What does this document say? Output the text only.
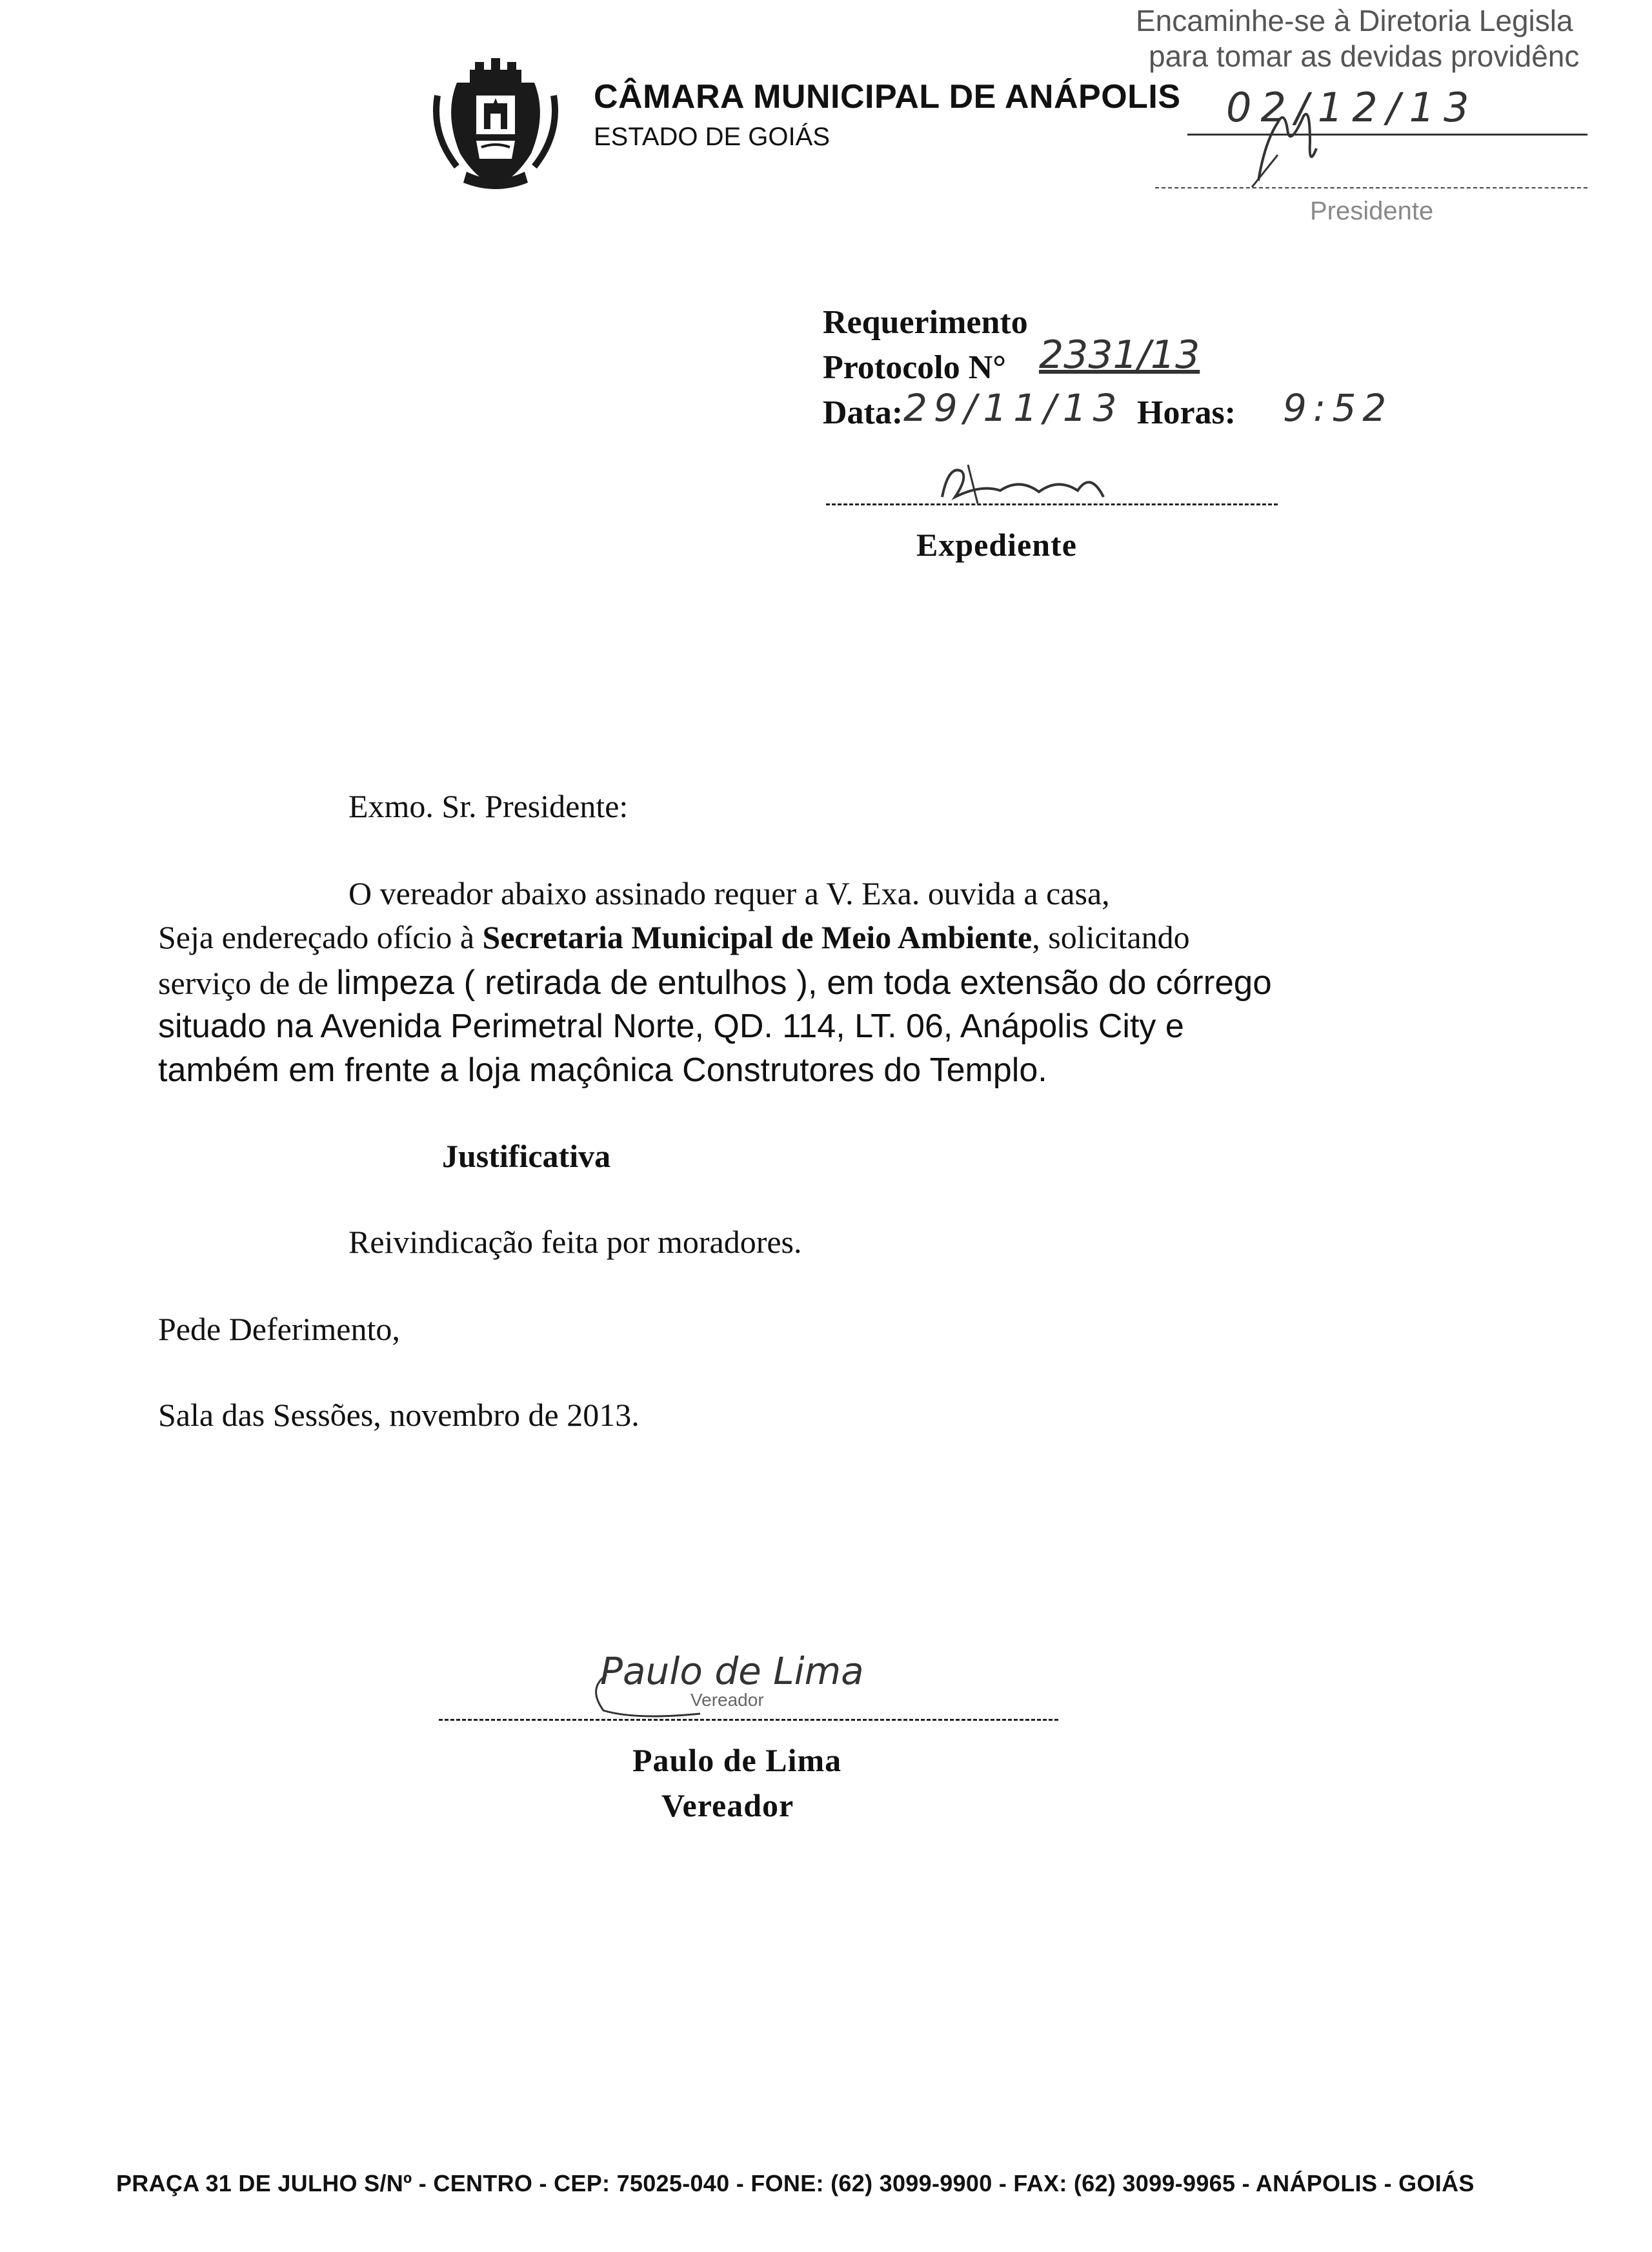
CÂMARA MUNICIPAL DE ANÁPOLIS
ESTADO DE GOIÁS
Encaminhe-se à Diretoria Legisla
para tomar as devidas providênc
02/12/13
Presidente
Requerimento
Protocolo N° 2331/13
Data: 29/11/13 Horas: 9:52
Expediente
Exmo. Sr. Presidente:
O vereador abaixo assinado requer a V. Exa. ouvida a casa,
Seja endereçado ofício à Secretaria Municipal de Meio Ambiente, solicitando
serviço de de limpeza ( retirada de entulhos ), em toda extensão do córrego
situado na Avenida Perimetral Norte, QD. 114, LT. 06, Anápolis City e
também em frente a loja maçônica Construtores do Templo.
Justificativa
Reivindicação feita por moradores.
Pede Deferimento,
Sala das Sessões, novembro de 2013.
Paulo de Lima
Vereador
Paulo de Lima
Vereador
PRAÇA 31 DE JULHO S/Nº - CENTRO - CEP: 75025-040 - FONE: (62) 3099-9900 - FAX: (62) 3099-9965 - ANÁPOLIS - GOIÁS
